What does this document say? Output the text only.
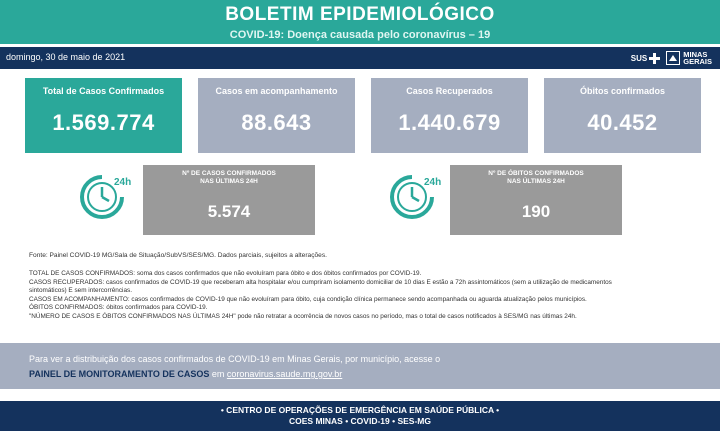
BOLETIM EPIDEMIOLÓGICO
COVID-19: Doença causada pelo coronavírus – 19
domingo, 30 de maio de 2021	SUS	MINAS
GERAIS
Total de Casos Confirmados
1.569.774
Casos em acompanhamento
88.643
Casos Recuperados
1.440.679
Óbitos confirmados
40.452
24h
Nº DE CASOS CONFIRMADOS
NAS ÚLTIMAS 24H
5.574
24h
Nº DE ÓBITOS CONFIRMADOS
NAS ÚLTIMAS 24H
190
Fonte: Painel COVID-19 MG/Sala de Situação/SubVS/SES/MG. Dados parciais, sujeitos a alterações.
TOTAL DE CASOS CONFIRMADOS: soma dos casos confirmados que não evoluíram para óbito e dos óbitos confirmados por COVID-19.
CASOS RECUPERADOS: casos confirmados de COVID-19 que receberam alta hospitalar e/ou cumpriram isolamento domiciliar de 10 dias E estão a 72h assintomáticos (sem a utilização de medicamentos
sintomáticos) E sem intercorrências.
CASOS EM ACOMPANHAMENTO: casos confirmados de COVID-19 que não evoluíram para óbito, cuja condição clínica permanece sendo acompanhada ou aguarda atualização pelos municípios.
ÓBITOS CONFIRMADOS: óbitos confirmados para COVID-19.
"NÚMERO DE CASOS E ÓBITOS CONFIRMADOS NAS ÚLTIMAS 24H" pode não retratar a ocorrência de novos casos no período, mas o total de casos notificados à SES/MG nas últimas 24h.
Para ver a distribuição dos casos confirmados de COVID-19 em Minas Gerais, por município, acesse o
PAINEL DE MONITORAMENTO DE CASOS em coronavirus.saude.mg.gov.br
• CENTRO DE OPERAÇÕES DE EMERGÊNCIA EM SAÚDE PÚBLICA •
COES MINAS • COVID-19 • SES-MG
